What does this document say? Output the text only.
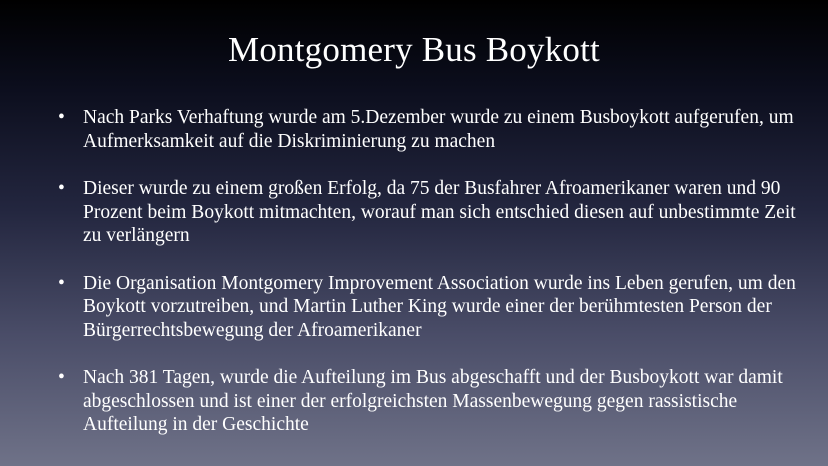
Montgomery Bus Boykott
• Nach Parks Verhaftung wurde am 5.Dezember wurde zu einem Busboykott aufgerufen, um Aufmerksamkeit auf die Diskriminierung zu machen
• Dieser wurde zu einem großen Erfolg, da 75 der Busfahrer Afroamerikaner waren und 90 Prozent beim Boykott mitmachten, worauf man sich entschied diesen auf unbestimmte Zeit zu verlängern
• Die Organisation Montgomery Improvement Association wurde ins Leben gerufen, um den Boykott vorzutreiben, und Martin Luther King wurde einer der berühmtesten Person der Bürgerrechtsbewegung der Afroamerikaner
• Nach 381 Tagen, wurde die Aufteilung im Bus abgeschafft und der Busboykott war damit abgeschlossen und ist einer der erfolgreichsten Massenbewegung gegen rassistische Aufteilung in der Geschichte
